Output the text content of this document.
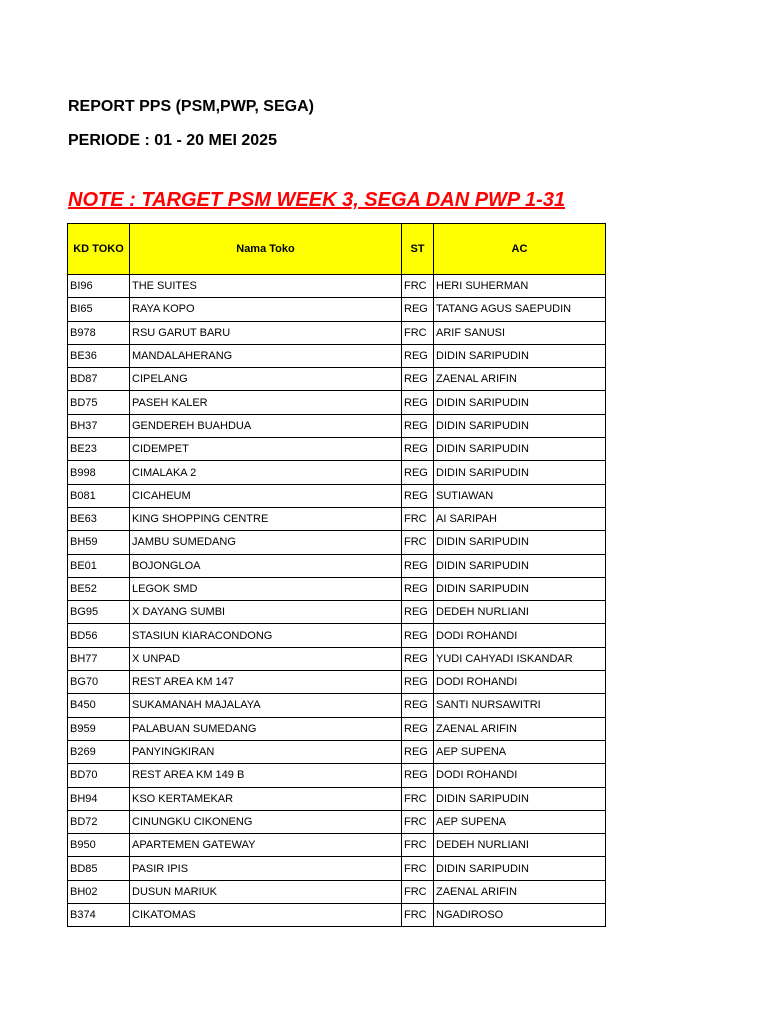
REPORT PPS (PSM,PWP, SEGA)
PERIODE : 01 - 20 MEI 2025
NOTE : TARGET PSM WEEK 3, SEGA DAN PWP 1-31
KD TOKO	Nama Toko	ST	AC
BI96	THE SUITES	FRC	HERI SUHERMAN
BI65	RAYA KOPO	REG	TATANG AGUS SAEPUDIN
B978	RSU GARUT BARU	FRC	ARIF SANUSI
BE36	MANDALAHERANG	REG	DIDIN SARIPUDIN
BD87	CIPELANG	REG	ZAENAL ARIFIN
BD75	PASEH KALER	REG	DIDIN SARIPUDIN
BH37	GENDEREH BUAHDUA	REG	DIDIN SARIPUDIN
BE23	CIDEMPET	REG	DIDIN SARIPUDIN
B998	CIMALAKA 2	REG	DIDIN SARIPUDIN
B081	CICAHEUM	REG	SUTIAWAN
BE63	KING SHOPPING CENTRE	FRC	AI SARIPAH
BH59	JAMBU SUMEDANG	FRC	DIDIN SARIPUDIN
BE01	BOJONGLOA	REG	DIDIN SARIPUDIN
BE52	LEGOK SMD	REG	DIDIN SARIPUDIN
BG95	X DAYANG SUMBI	REG	DEDEH NURLIANI
BD56	STASIUN KIARACONDONG	REG	DODI ROHANDI
BH77	X UNPAD	REG	YUDI CAHYADI ISKANDAR
BG70	REST AREA KM 147	REG	DODI ROHANDI
B450	SUKAMANAH MAJALAYA	REG	SANTI NURSAWITRI
B959	PALABUAN SUMEDANG	REG	ZAENAL ARIFIN
B269	PANYINGKIRAN	REG	AEP SUPENA
BD70	REST AREA KM 149 B	REG	DODI ROHANDI
BH94	KSO KERTAMEKAR	FRC	DIDIN SARIPUDIN
BD72	CINUNGKU CIKONENG	FRC	AEP SUPENA
B950	APARTEMEN GATEWAY	FRC	DEDEH NURLIANI
BD85	PASIR IPIS	FRC	DIDIN SARIPUDIN
BH02	DUSUN MARIUK	FRC	ZAENAL ARIFIN
B374	CIKATOMAS	FRC	NGADIROSO
